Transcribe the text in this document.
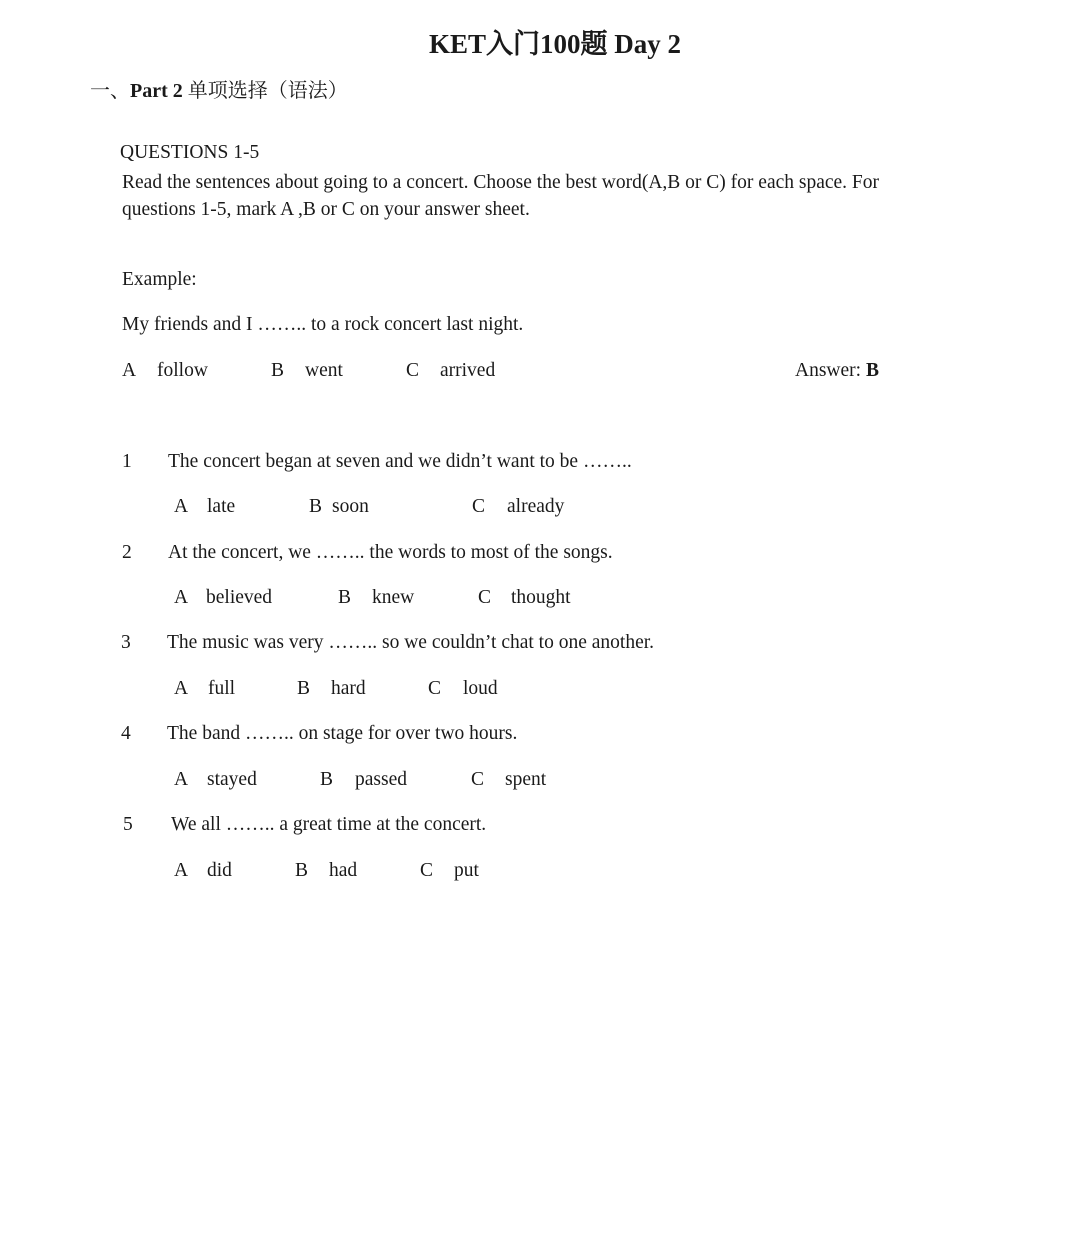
KET入门100题 Day 2
一、Part 2 单项选择（语法）
QUESTIONS 1-5
Read the sentences about going to a concert. Choose the best word(A,B or C) for each space. For questions 1-5, mark A ,B or C on your answer sheet.
Example:
My friends and I …….. to a rock concert last night.
A follow	B went	C arrived	Answer: B
1 The concert began at seven and we didn’t want to be ……..
A late	B soon	C already
2 At the concert, we …….. the words to most of the songs.
A believed	B knew	C thought
3 The music was very …….. so we couldn’t chat to one another.
A full	B hard	C loud
4 The band …….. on stage for over two hours.
A stayed	B passed	C spent
5 We all …….. a great time at the concert.
A did	B had	C put
